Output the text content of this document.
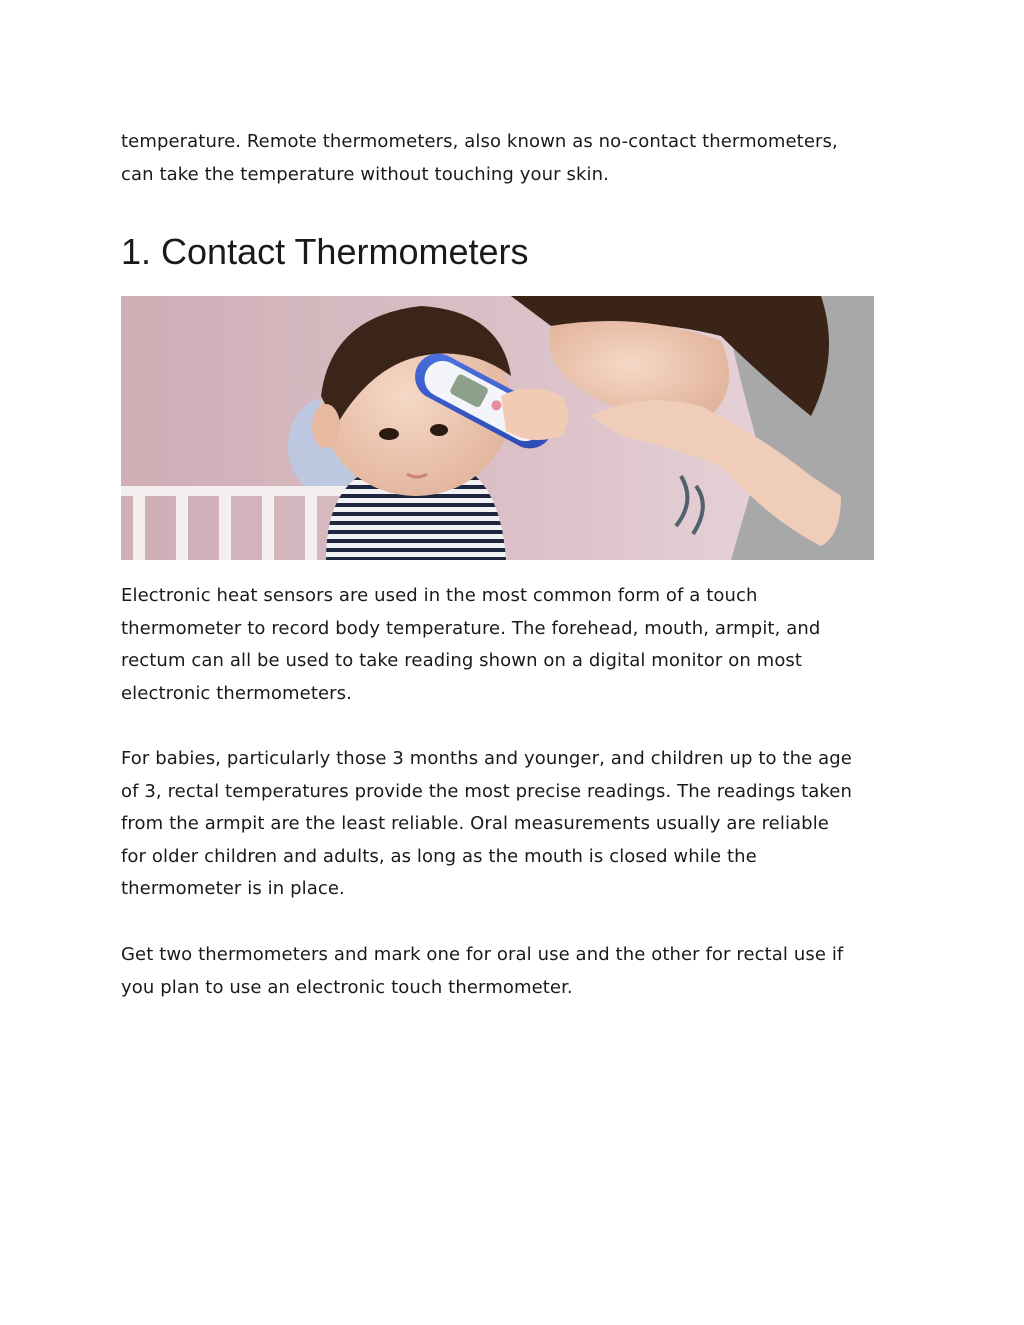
temperature. Remote thermometers, also known as no-contact thermometers,
can take the temperature without touching your skin.

1. Contact Thermometers

Electronic heat sensors are used in the most common form of a touch
thermometer to record body temperature. The forehead, mouth, armpit, and
rectum can all be used to take reading shown on a digital monitor on most
electronic thermometers.

For babies, particularly those 3 months and younger, and children up to the age
of 3, rectal temperatures provide the most precise readings. The readings taken
from the armpit are the least reliable. Oral measurements usually are reliable
for older children and adults, as long as the mouth is closed while the
thermometer is in place.

Get two thermometers and mark one for oral use and the other for rectal use if
you plan to use an electronic touch thermometer.
